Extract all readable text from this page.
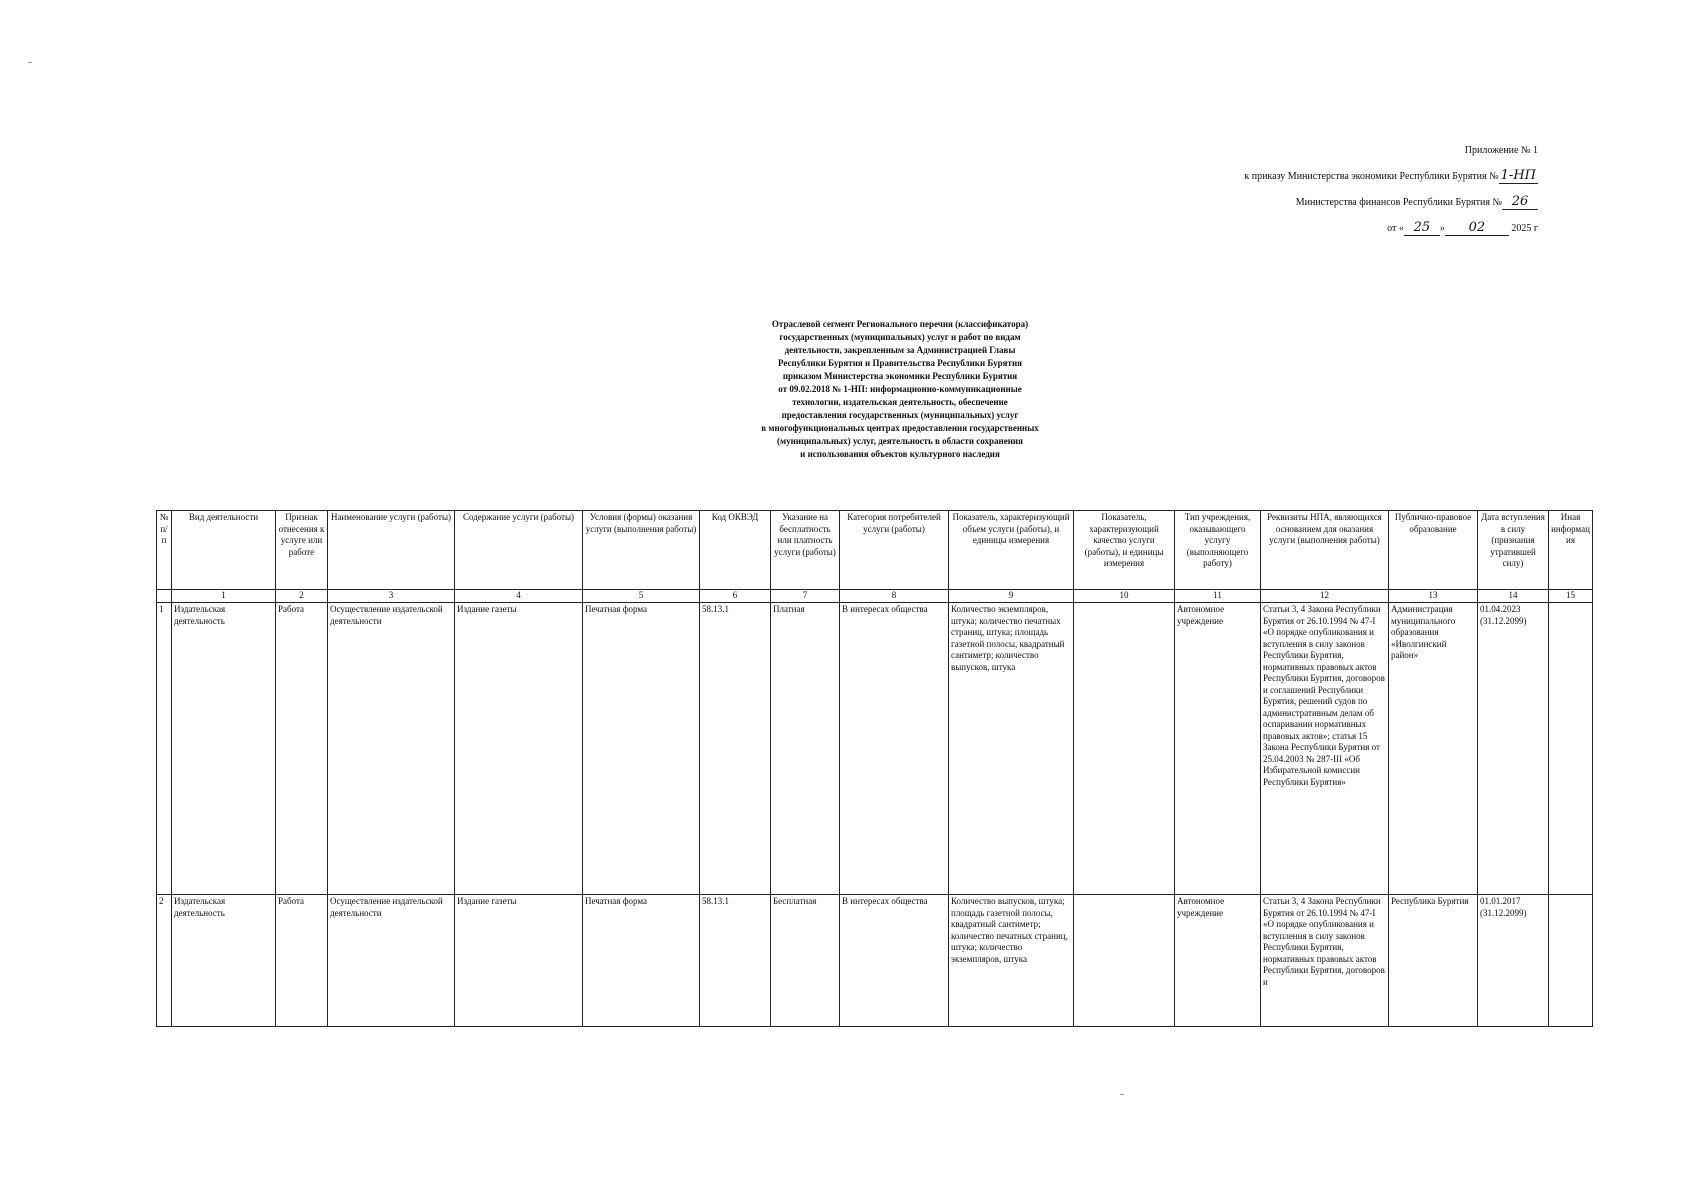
Приложение № 1
к приказу Министерства экономики Республики Бурятия № 1-НП
Министерства финансов Республики Бурятия № 26
от « 25 » 02	2025 г
Отраслевой сегмент Регионального перечня (классификатора)
государственных (муниципальных) услуг и работ по видам
деятельности, закрепленным за Администрацией Главы
Республики Бурятия и Правительства Республики Бурятия
приказом Министерства экономики Республики Бурятия
от 09.02.2018 № 1-НП: информационно-коммуникационные
технологии, издательская деятельность, обеспечение
предоставления государственных (муниципальных) услуг
в многофункциональных центрах предоставления государственных
(муниципальных) услуг, деятельность в области сохранения
и использования объектов культурного наследия
№ п/п	Вид деятельности	Признак отнесения к услуге или работе	Наименование услуги (работы)	Содержание услуги (работы)	Условия (формы) оказания услуги (выполнения работы)	Код ОКВЭД	Указание на бесплатность или платность услуги (работы)	Категория потребителей услуги (работы)	Показатель, характеризующий объем услуги (работы), и единицы измерения	Показатель, характеризующий качество услуги (работы), и единицы измерения	Тип учреждения, оказывающего услугу (выполняющего работу)	Реквизиты НПА, являющихся основанием для оказания услуги (выполнения работы)	Публично-правовое образование	Дата вступления в силу (признания утратившей силу)	Иная информация
	1	2	3	4	5	6	7	8	9	10	11	12	13	14	15
1	Издательская деятельность	Работа	Осуществление издательской деятельности	Издание газеты	Печатная форма	58.13.1	Платная	В интересах общества	Количество экземпляров, штука; количество печатных страниц, штука; площадь газетной полосы, квадратный сантиметр; количество выпусков, штука		Автономное учреждение	Статьи 3, 4 Закона Республики Бурятия от 26.10.1994 № 47-I «О порядке опубликования и вступления в силу законов Республики Бурятия, нормативных правовых актов Республики Бурятия, договоров и соглашений Республики Бурятия, решений судов по административным делам об оспаривании нормативных правовых актов»; статья 15 Закона Республики Бурятия от 25.04.2003 № 287-III «Об Избирательной комиссии Республики Бурятия»	Администрация муниципального образования «Иволгинский район»	01.04.2023 (31.12.2099)	
2	Издательская деятельность	Работа	Осуществление издательской деятельности	Издание газеты	Печатная форма	58.13.1	Бесплатная	В интересах общества	Количество выпусков, штука; площадь газетной полосы, квадратный сантиметр; количество печатных страниц, штука; количество экземпляров, штука		Автономное учреждение	Статьи 3, 4 Закона Республики Бурятия от 26.10.1994 № 47-I «О порядке опубликования и вступления в силу законов Республики Бурятия, нормативных правовых актов Республики Бурятия, договоров и	Республика Бурятия	01.01.2017 (31.12.2099)	
